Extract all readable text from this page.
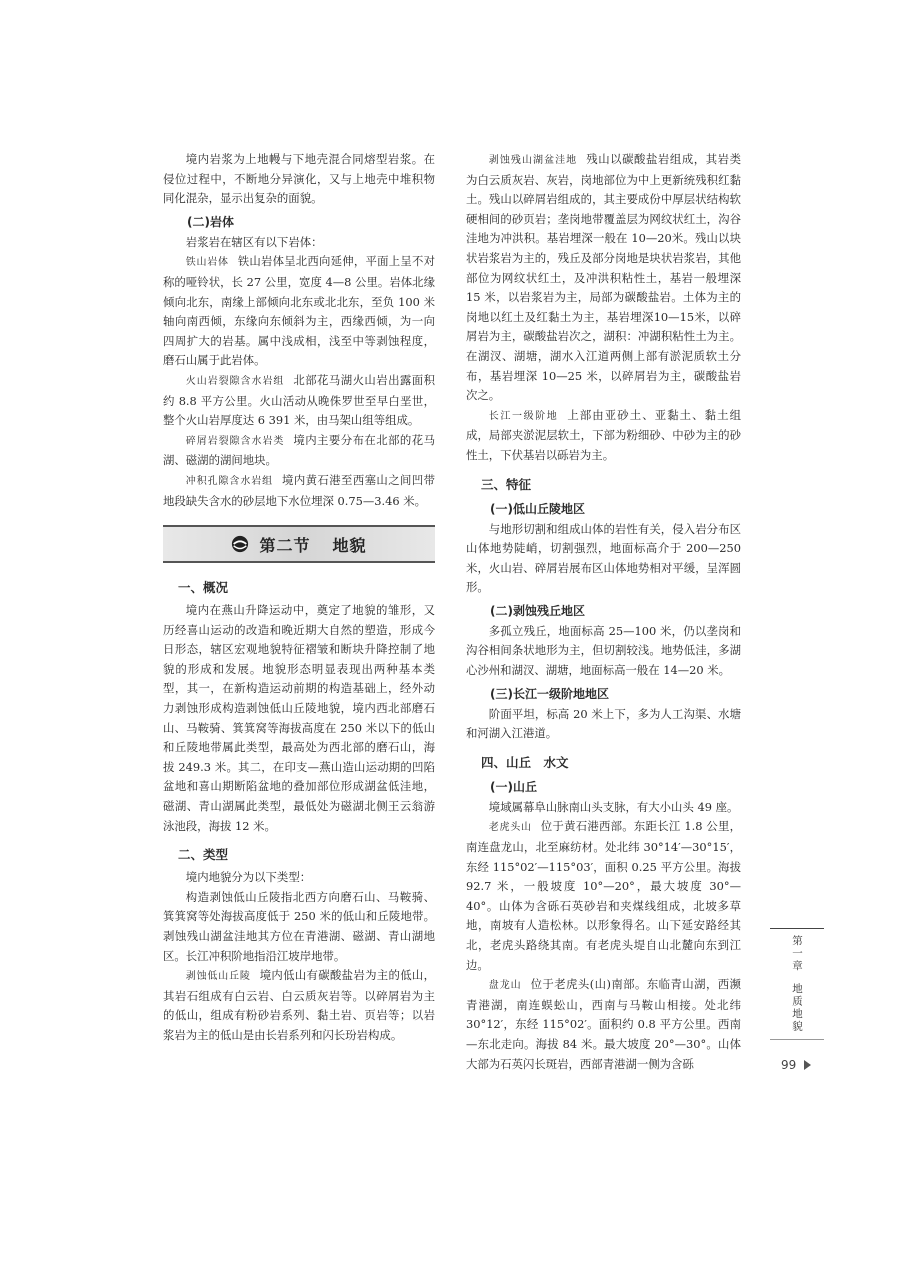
境内岩浆为上地幔与下地壳混合同熔型岩浆。在侵位过程中，不断地分异演化，又与上地壳中堆积物同化混杂，显示出复杂的面貌。

(二)岩体

岩浆岩在辖区有以下岩体：

铁山岩体 铁山岩体呈北西向延伸，平面上呈不对称的哑铃状，长 27 公里，宽度 4—8 公里。岩体北缘倾向北东，南缘上部倾向北东或北北东，至负 100 米轴向南西倾，东缘向东倾斜为主，西缘西倾，为一向四周扩大的岩基。属中浅成相，浅至中等剥蚀程度，磨石山属于此岩体。

火山岩裂隙含水岩组 北部花马湖火山岩出露面积约 8.8 平方公里。火山活动从晚侏罗世至早白垩世，整个火山岩厚度达 6 391 米，由马架山组等组成。

碎屑岩裂隙含水岩类 境内主要分布在北部的花马湖、磁湖的湖间地块。

冲积孔隙含水岩组 境内黄石港至西塞山之间凹带地段缺失含水的砂层地下水位埋深 0.75—3.46 米。

第二节 地貌
一、概况

境内在燕山升降运动中，奠定了地貌的雏形，又历经喜山运动的改造和晚近期大自然的塑造，形成今日形态，辖区宏观地貌特征褶皱和断块升降控制了地貌的形成和发展。地貌形态明显表现出两种基本类型，其一，在新构造运动前期的构造基础上，经外动力剥蚀形成构造剥蚀低山丘陵地貌，境内西北部磨石山、马鞍骑、箕箕窝等海拔高度在 250 米以下的低山和丘陵地带属此类型，最高处为西北部的磨石山，海拔 249.3 米。其二，在印支—燕山造山运动期的凹陷盆地和喜山期断陷盆地的叠加部位形成湖盆低洼地，磁湖、青山湖属此类型，最低处为磁湖北侧王云翁游泳池段，海拔 12 米。

二、类型

境内地貌分为以下类型：

构造剥蚀低山丘陵指北西方向磨石山、马鞍骑、箕箕窝等处海拔高度低于 250 米的低山和丘陵地带。剥蚀残山湖盆洼地其方位在青港湖、磁湖、青山湖地区。长江冲积阶地指沿江坡岸地带。

剥蚀低山丘陵 境内低山有碳酸盐岩为主的低山，其岩石组成有白云岩、白云质灰岩等。以碎屑岩为主的低山，组成有粉砂岩系列、黏土岩、页岩等；以岩浆岩为主的低山是由长岩系列和闪长玢岩构成。

剥蚀残山湖盆洼地 残山以碳酸盐岩组成，其岩类为白云质灰岩、灰岩，岗地部位为中上更新统残积红黏土。残山以碎屑岩组成的，其主要成份中厚层状结构软硬相间的砂页岩；垄岗地带覆盖层为网纹状红土，沟谷洼地为冲洪积。基岩埋深一般在 10—20米。残山以块状岩浆岩为主的，残丘及部分岗地是块状岩浆岩，其他部位为网纹状红土，及冲洪积粘性土，基岩一般埋深 15 米，以岩浆岩为主，局部为碳酸盐岩。土体为主的岗地以红土及红黏土为主，基岩埋深10—15米，以碎屑岩为主，碳酸盐岩次之，湖积：冲湖积粘性土为主。在湖汊、湖塘，湖水入江道两侧上部有淤泥质软土分布，基岩埋深 10—25 米，以碎屑岩为主，碳酸盐岩次之。

长江一级阶地 上部由亚砂土、亚黏土、黏土组成，局部夹淤泥层软土，下部为粉细砂、中砂为主的砂性土，下伏基岩以砾岩为主。

三、特征
(一)低山丘陵地区

与地形切割和组成山体的岩性有关，侵入岩分布区山体地势陡峭，切割强烈，地面标高介于 200—250 米，火山岩、碎屑岩展布区山体地势相对平缓，呈浑圆形。

(二)剥蚀残丘地区

多孤立残丘，地面标高 25—100 米，仍以垄岗和沟谷相间条状地形为主，但切割较浅。地势低洼，多湖心沙州和湖汊、湖塘，地面标高一般在 14—20 米。

(三)长江一级阶地地区

阶面平坦，标高 20 米上下，多为人工沟渠、水塘和河湖入江港道。

四、山丘　水文
(一)山丘

境域属幕阜山脉南山头支脉，有大小山头 49 座。

老虎头山 位于黄石港西部。东距长江 1.8 公里，南连盘龙山，北至麻纺材。处北纬 30°14′—30°15′，东经 115°02′—115°03′，面积 0.25 平方公里。海拔 92.7 米，一般坡度 10°—20°，最大坡度 30°—40°。山体为含砾石英砂岩和夹煤线组成，北坡多草地，南坡有人造松林。以形象得名。山下延安路经其北，老虎头路绕其南。有老虎头堤自山北麓向东到江边。

盘龙山 位于老虎头(山)南部。东临青山湖，西濒青港湖，南连蜈蚣山，西南与马鞍山相接。处北纬 30°12′，东经 115°02′。面积约 0.8 平方公里。西南—东北走向。海拔 84 米。最大坡度 20°—30°。山体大部为石英闪长斑岩，西部青港湖一侧为含砾

第一章
地质地貌
99
